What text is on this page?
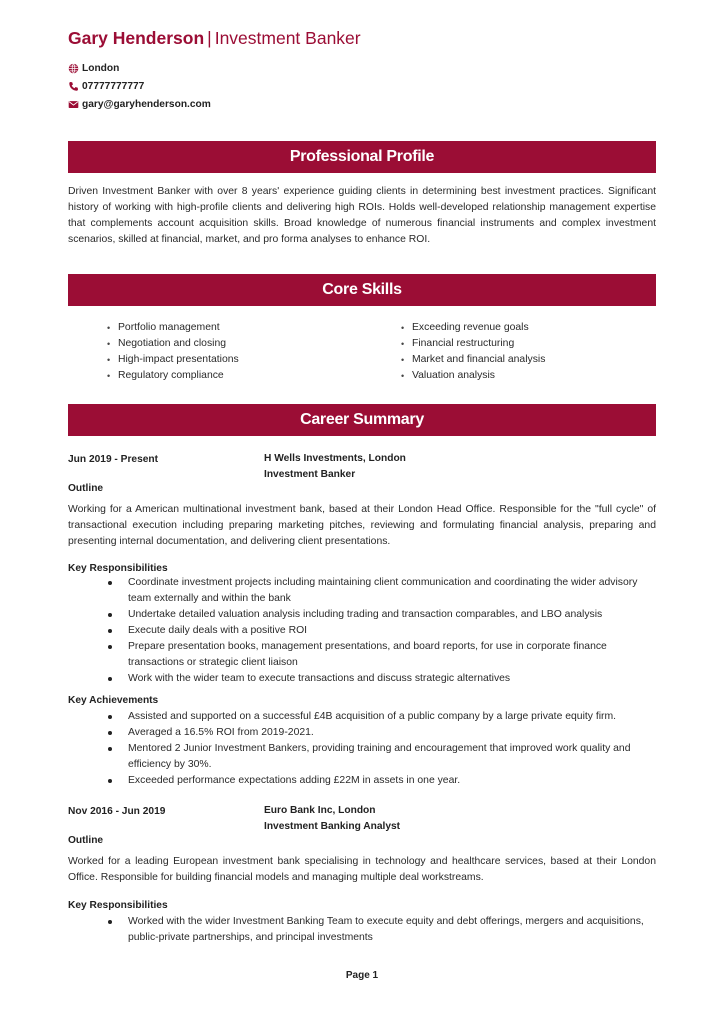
Gary Henderson | Investment Banker
London
07777777777
gary@garyhenderson.com
Professional Profile
Driven Investment Banker with over 8 years' experience guiding clients in determining best investment practices. Significant history of working with high-profile clients and delivering high ROIs. Holds well-developed relationship management expertise that complements account acquisition skills. Broad knowledge of numerous financial instruments and complex investment scenarios, skilled at financial, market, and pro forma analyses to enhance ROI.
Core Skills
• Portfolio management
• Negotiation and closing
• High-impact presentations
• Regulatory compliance
• Exceeding revenue goals
• Financial restructuring
• Market and financial analysis
• Valuation analysis
Career Summary
Jun 2019 - Present	H Wells Investments, London
Investment Banker
Outline
Working for a American multinational investment bank, based at their London Head Office. Responsible for the "full cycle" of transactional execution including preparing marketing pitches, reviewing and formulating financial analysis, preparing and presenting internal documentation, and delivering client presentations.
Key Responsibilities
Coordinate investment projects including maintaining client communication and coordinating the wider advisory team externally and within the bank
Undertake detailed valuation analysis including trading and transaction comparables, and LBO analysis
Execute daily deals with a positive ROI
Prepare presentation books, management presentations, and board reports, for use in corporate finance transactions or strategic client liaison
Work with the wider team to execute transactions and discuss strategic alternatives
Key Achievements
Assisted and supported on a successful £4B acquisition of a public company by a large private equity firm.
Averaged a 16.5% ROI from 2019-2021.
Mentored 2 Junior Investment Bankers, providing training and encouragement that improved work quality and efficiency by 30%.
Exceeded performance expectations adding £22M in assets in one year.
Nov 2016 - Jun 2019	Euro Bank Inc, London
Investment Banking Analyst
Outline
Worked for a leading European investment bank specialising in technology and healthcare services, based at their London Office. Responsible for building financial models and managing multiple deal workstreams.
Key Responsibilities
Worked with the wider Investment Banking Team to execute equity and debt offerings, mergers and acquisitions, public-private partnerships, and principal investments
Page 1
